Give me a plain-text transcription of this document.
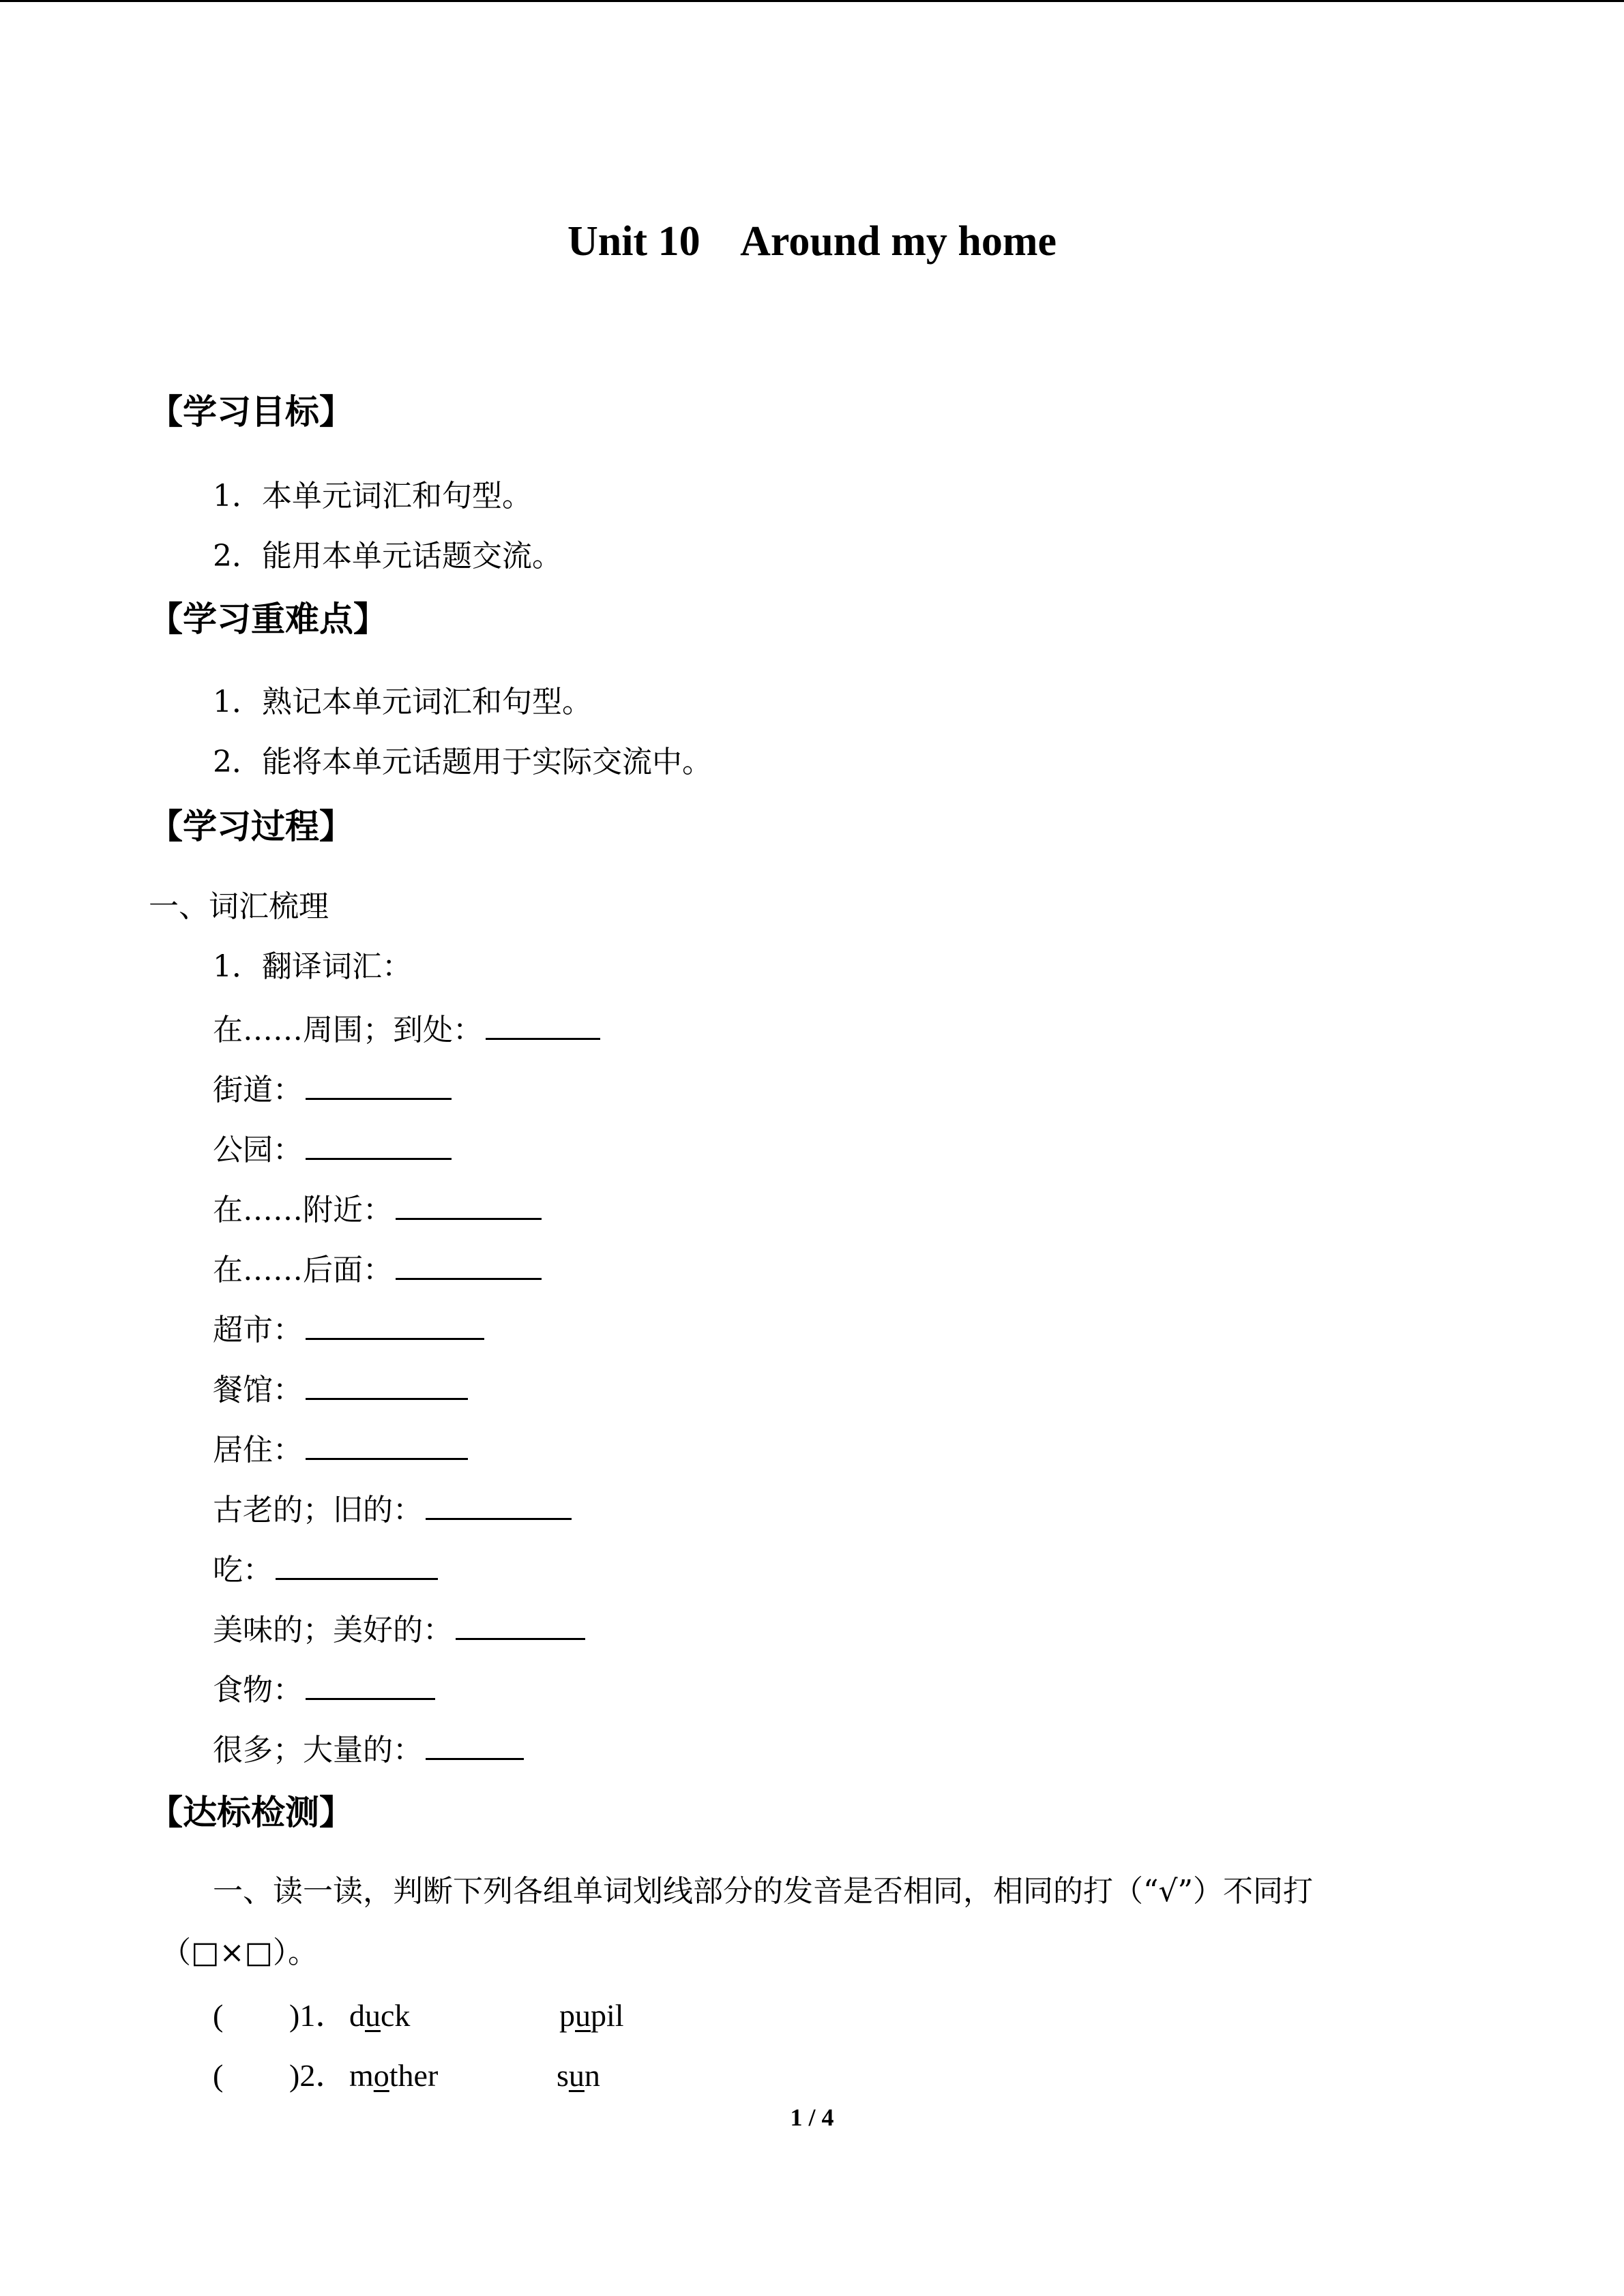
Unit 10    Around my home
【学习目标】
1．本单元词汇和句型。
2．能用本单元话题交流。
【学习重难点】
1．熟记本单元词汇和句型。
2．能将本单元话题用于实际交流中。
【学习过程】
一、词汇梳理
1．翻译词汇：
在……周围；到处：
街道：
公园：
在……附近：
在……后面：
超市：
餐馆：
居住：
古老的；旧的：
吃：
美味的；美好的：
食物：
很多；大量的：
【达标检测】
一、读一读，判断下列各组单词划线部分的发音是否相同，相同的打（“√”）不同打
（□×□）。
( )1． duck	pupil
( )2． mother	sun
1 / 4
